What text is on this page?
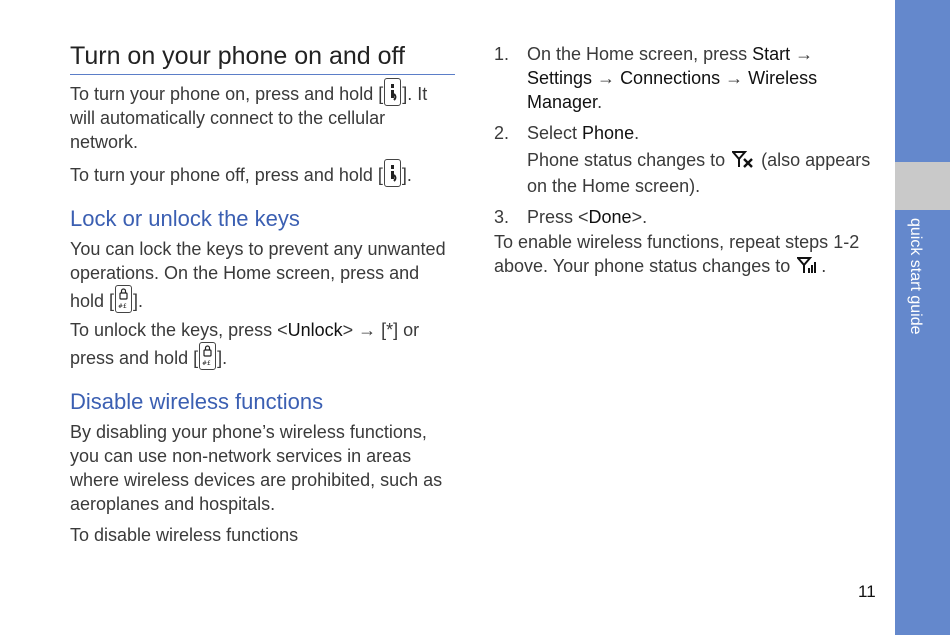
Turn on your phone on and off

To turn your phone on, press and hold [ ]. It will automatically connect to the cellular network.

To turn your phone off, press and hold [ ].

Lock or unlock the keys

You can lock the keys to prevent any unwanted operations. On the Home screen, press and hold [ #£ ].

To unlock the keys, press <Unlock> → [*] or press and hold [ #£ ].

Disable wireless functions

By disabling your phone’s wireless functions, you can use non-network services in areas where wireless devices are prohibited, such as aeroplanes and hospitals.

To disable wireless functions

1. On the Home screen, press Start → Settings → Connections → Wireless Manager.

2. Select Phone.

Phone status changes to  (also appears on the Home screen).

3. Press <Done>.

To enable wireless functions, repeat steps 1-2 above. Your phone status changes to .	quick start guide
11
